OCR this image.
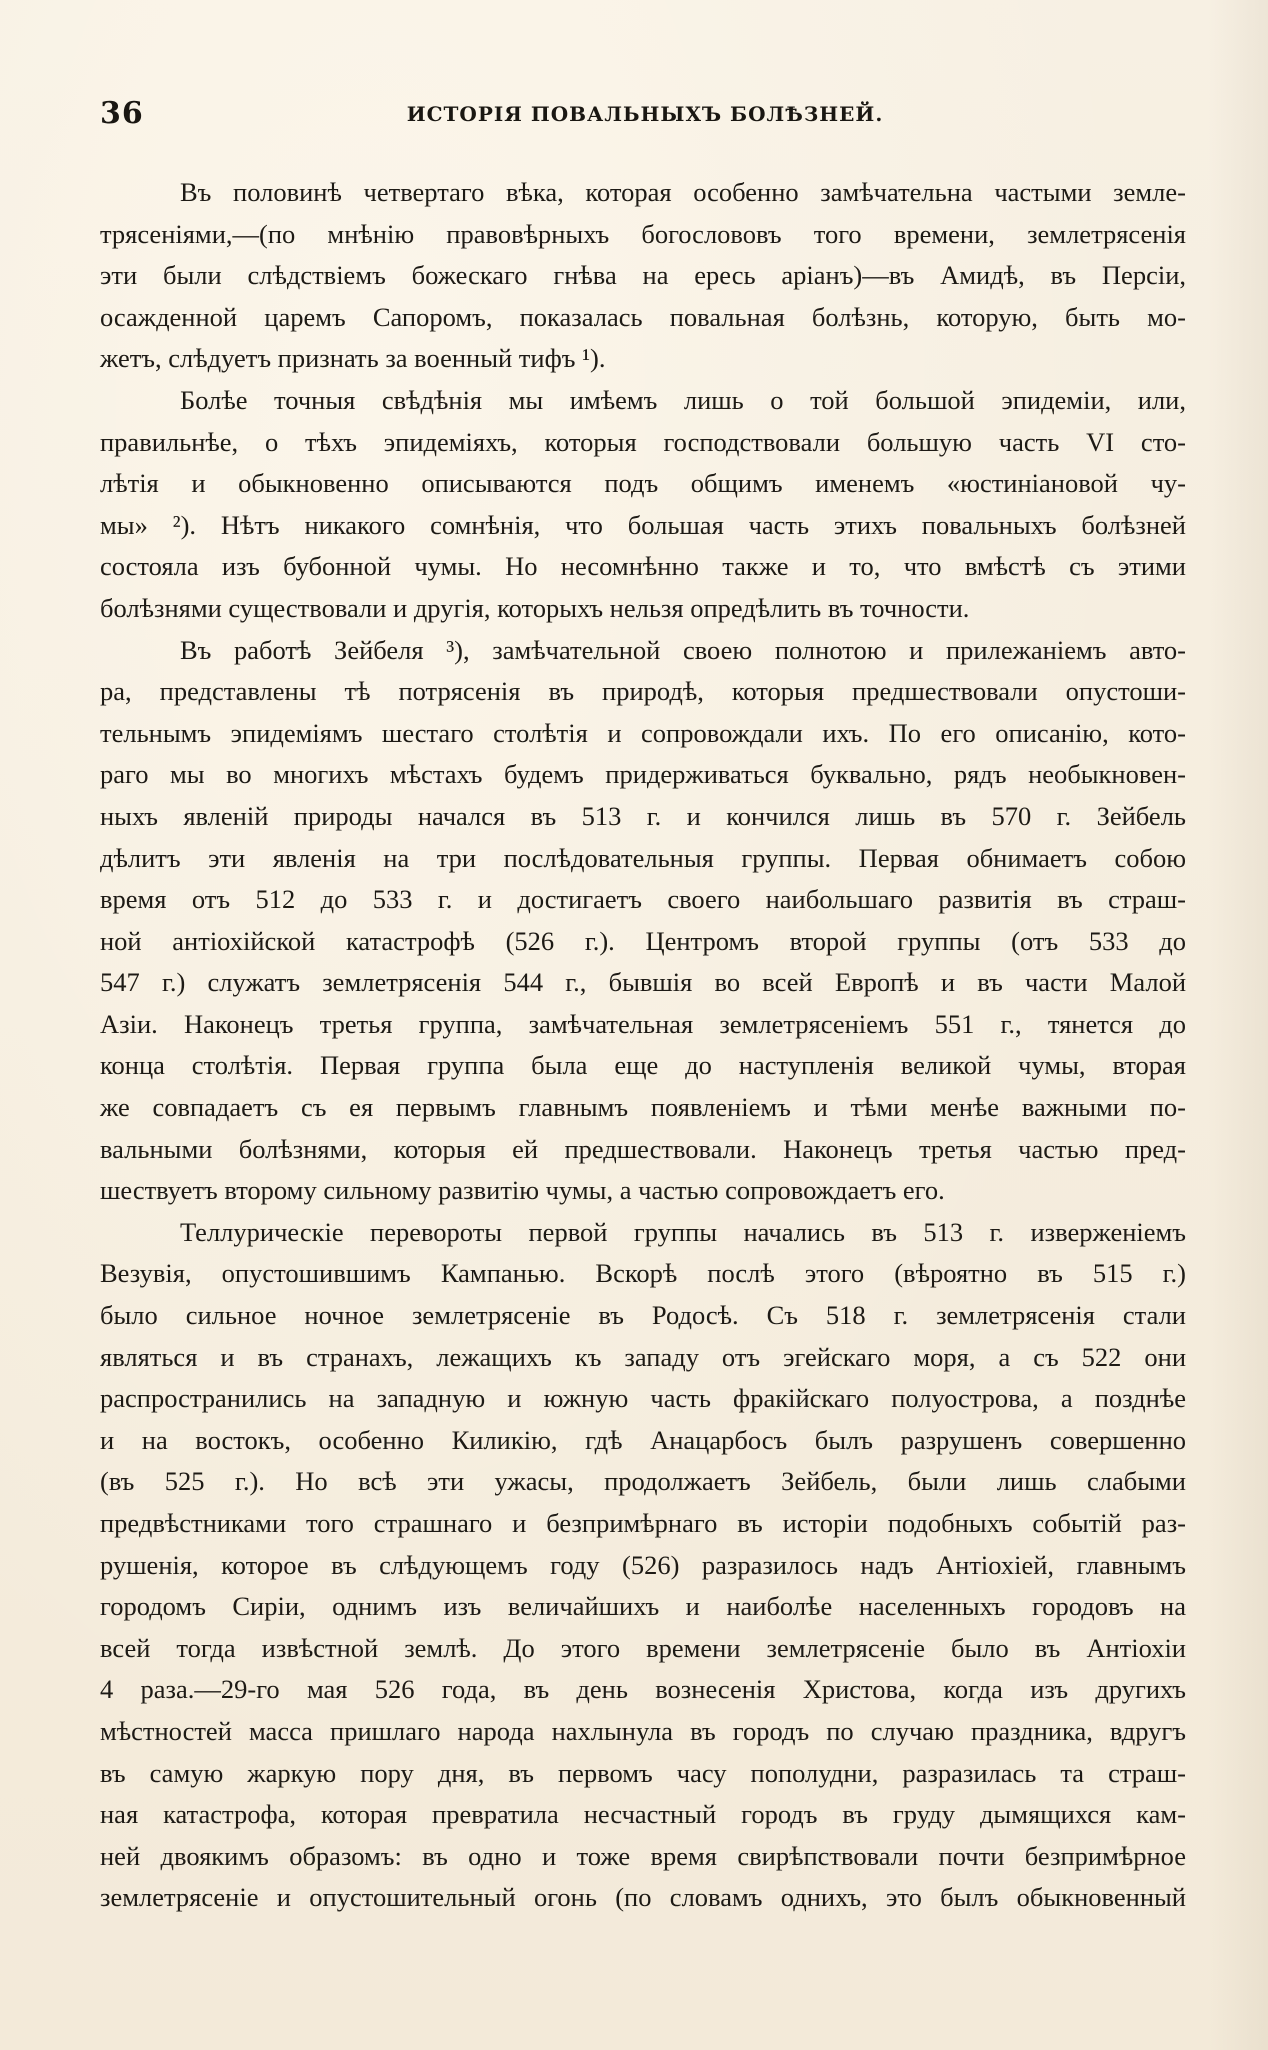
36	ИСТОРІЯ ПОВАЛЬНЫХЪ БОЛѢЗНЕЙ.
Въ половинѣ четвертаго вѣка, которая особенно замѣчательна частыми земле-
трясеніями,—(по мнѣнію правовѣрныхъ богослововъ того времени, землетрясенія
эти были слѣдствіемъ божескаго гнѣва на ересь аріанъ)—въ Амидѣ, въ Персіи,
осажденной царемъ Сапоромъ, показалась повальная болѣзнь, которую, быть мо-
жетъ, слѣдуетъ признать за военный тифъ ¹).
Болѣе точныя свѣдѣнія мы имѣемъ лишь о той большой эпидеміи, или,
правильнѣе, о тѣхъ эпидеміяхъ, которыя господствовали большую часть VI сто-
лѣтія и обыкновенно описываются подъ общимъ именемъ «юстиніановой чу-
мы» ²). Нѣтъ никакого сомнѣнія, что большая часть этихъ повальныхъ болѣзней
состояла изъ бубонной чумы. Но несомнѣнно также и то, что вмѣстѣ съ этими
болѣзнями существовали и другія, которыхъ нельзя опредѣлить въ точности.
Въ работѣ Зейбеля ³), замѣчательной своею полнотою и прилежаніемъ авто-
ра, представлены тѣ потрясенія въ природѣ, которыя предшествовали опустоши-
тельнымъ эпидеміямъ шестаго столѣтія и сопровождали ихъ. По его описанію, кото-
раго мы во многихъ мѣстахъ будемъ придерживаться буквально, рядъ необыкновен-
ныхъ явленій природы начался въ 513 г. и кончился лишь въ 570 г. Зейбель
дѣлитъ эти явленія на три послѣдовательныя группы. Первая обнимаетъ собою
время отъ 512 до 533 г. и достигаетъ своего наибольшаго развитія въ страш-
ной антіохійской катастрофѣ (526 г.). Центромъ второй группы (отъ 533 до
547 г.) служатъ землетрясенія 544 г., бывшія во всей Европѣ и въ части Малой
Азіи. Наконецъ третья группа, замѣчательная землетрясеніемъ 551 г., тянется до
конца столѣтія. Первая группа была еще до наступленія великой чумы, вторая
же совпадаетъ съ ея первымъ главнымъ появленіемъ и тѣми менѣе важными по-
вальными болѣзнями, которыя ей предшествовали. Наконецъ третья частью пред-
шествуетъ второму сильному развитію чумы, а частью сопровождаетъ его.
Теллурическіе перевороты первой группы начались въ 513 г. изверженіемъ
Везувія, опустошившимъ Кампанью. Вскорѣ послѣ этого (вѣроятно въ 515 г.)
было сильное ночное землетрясеніе въ Родосѣ. Съ 518 г. землетрясенія стали
являться и въ странахъ, лежащихъ къ западу отъ эгейскаго моря, а съ 522 они
распространились на западную и южную часть фракійскаго полуострова, а позднѣе
и на востокъ, особенно Киликію, гдѣ Анацарбосъ былъ разрушенъ совершенно
(въ 525 г.). Но всѣ эти ужасы, продолжаетъ Зейбель, были лишь слабыми
предвѣстниками того страшнаго и безпримѣрнаго въ исторіи подобныхъ событій раз-
рушенія, которое въ слѣдующемъ году (526) разразилось надъ Антіохіей, главнымъ
городомъ Сиріи, однимъ изъ величайшихъ и наиболѣе населенныхъ городовъ на
всей тогда извѣстной землѣ. До этого времени землетрясеніе было въ Антіохіи
4 раза.—29-го мая 526 года, въ день вознесенія Христова, когда изъ другихъ
мѣстностей масса пришлаго народа нахлынула въ городъ по случаю праздника, вдругъ
въ самую жаркую пору дня, въ первомъ часу пополудни, разразилась та страш-
ная катастрофа, которая превратила несчастный городъ въ груду дымящихся кам-
ней двоякимъ образомъ: въ одно и тоже время свирѣпствовали почти безпримѣрное
землетрясеніе и опустошительный огонь (по словамъ однихъ, это былъ обыкновенный
